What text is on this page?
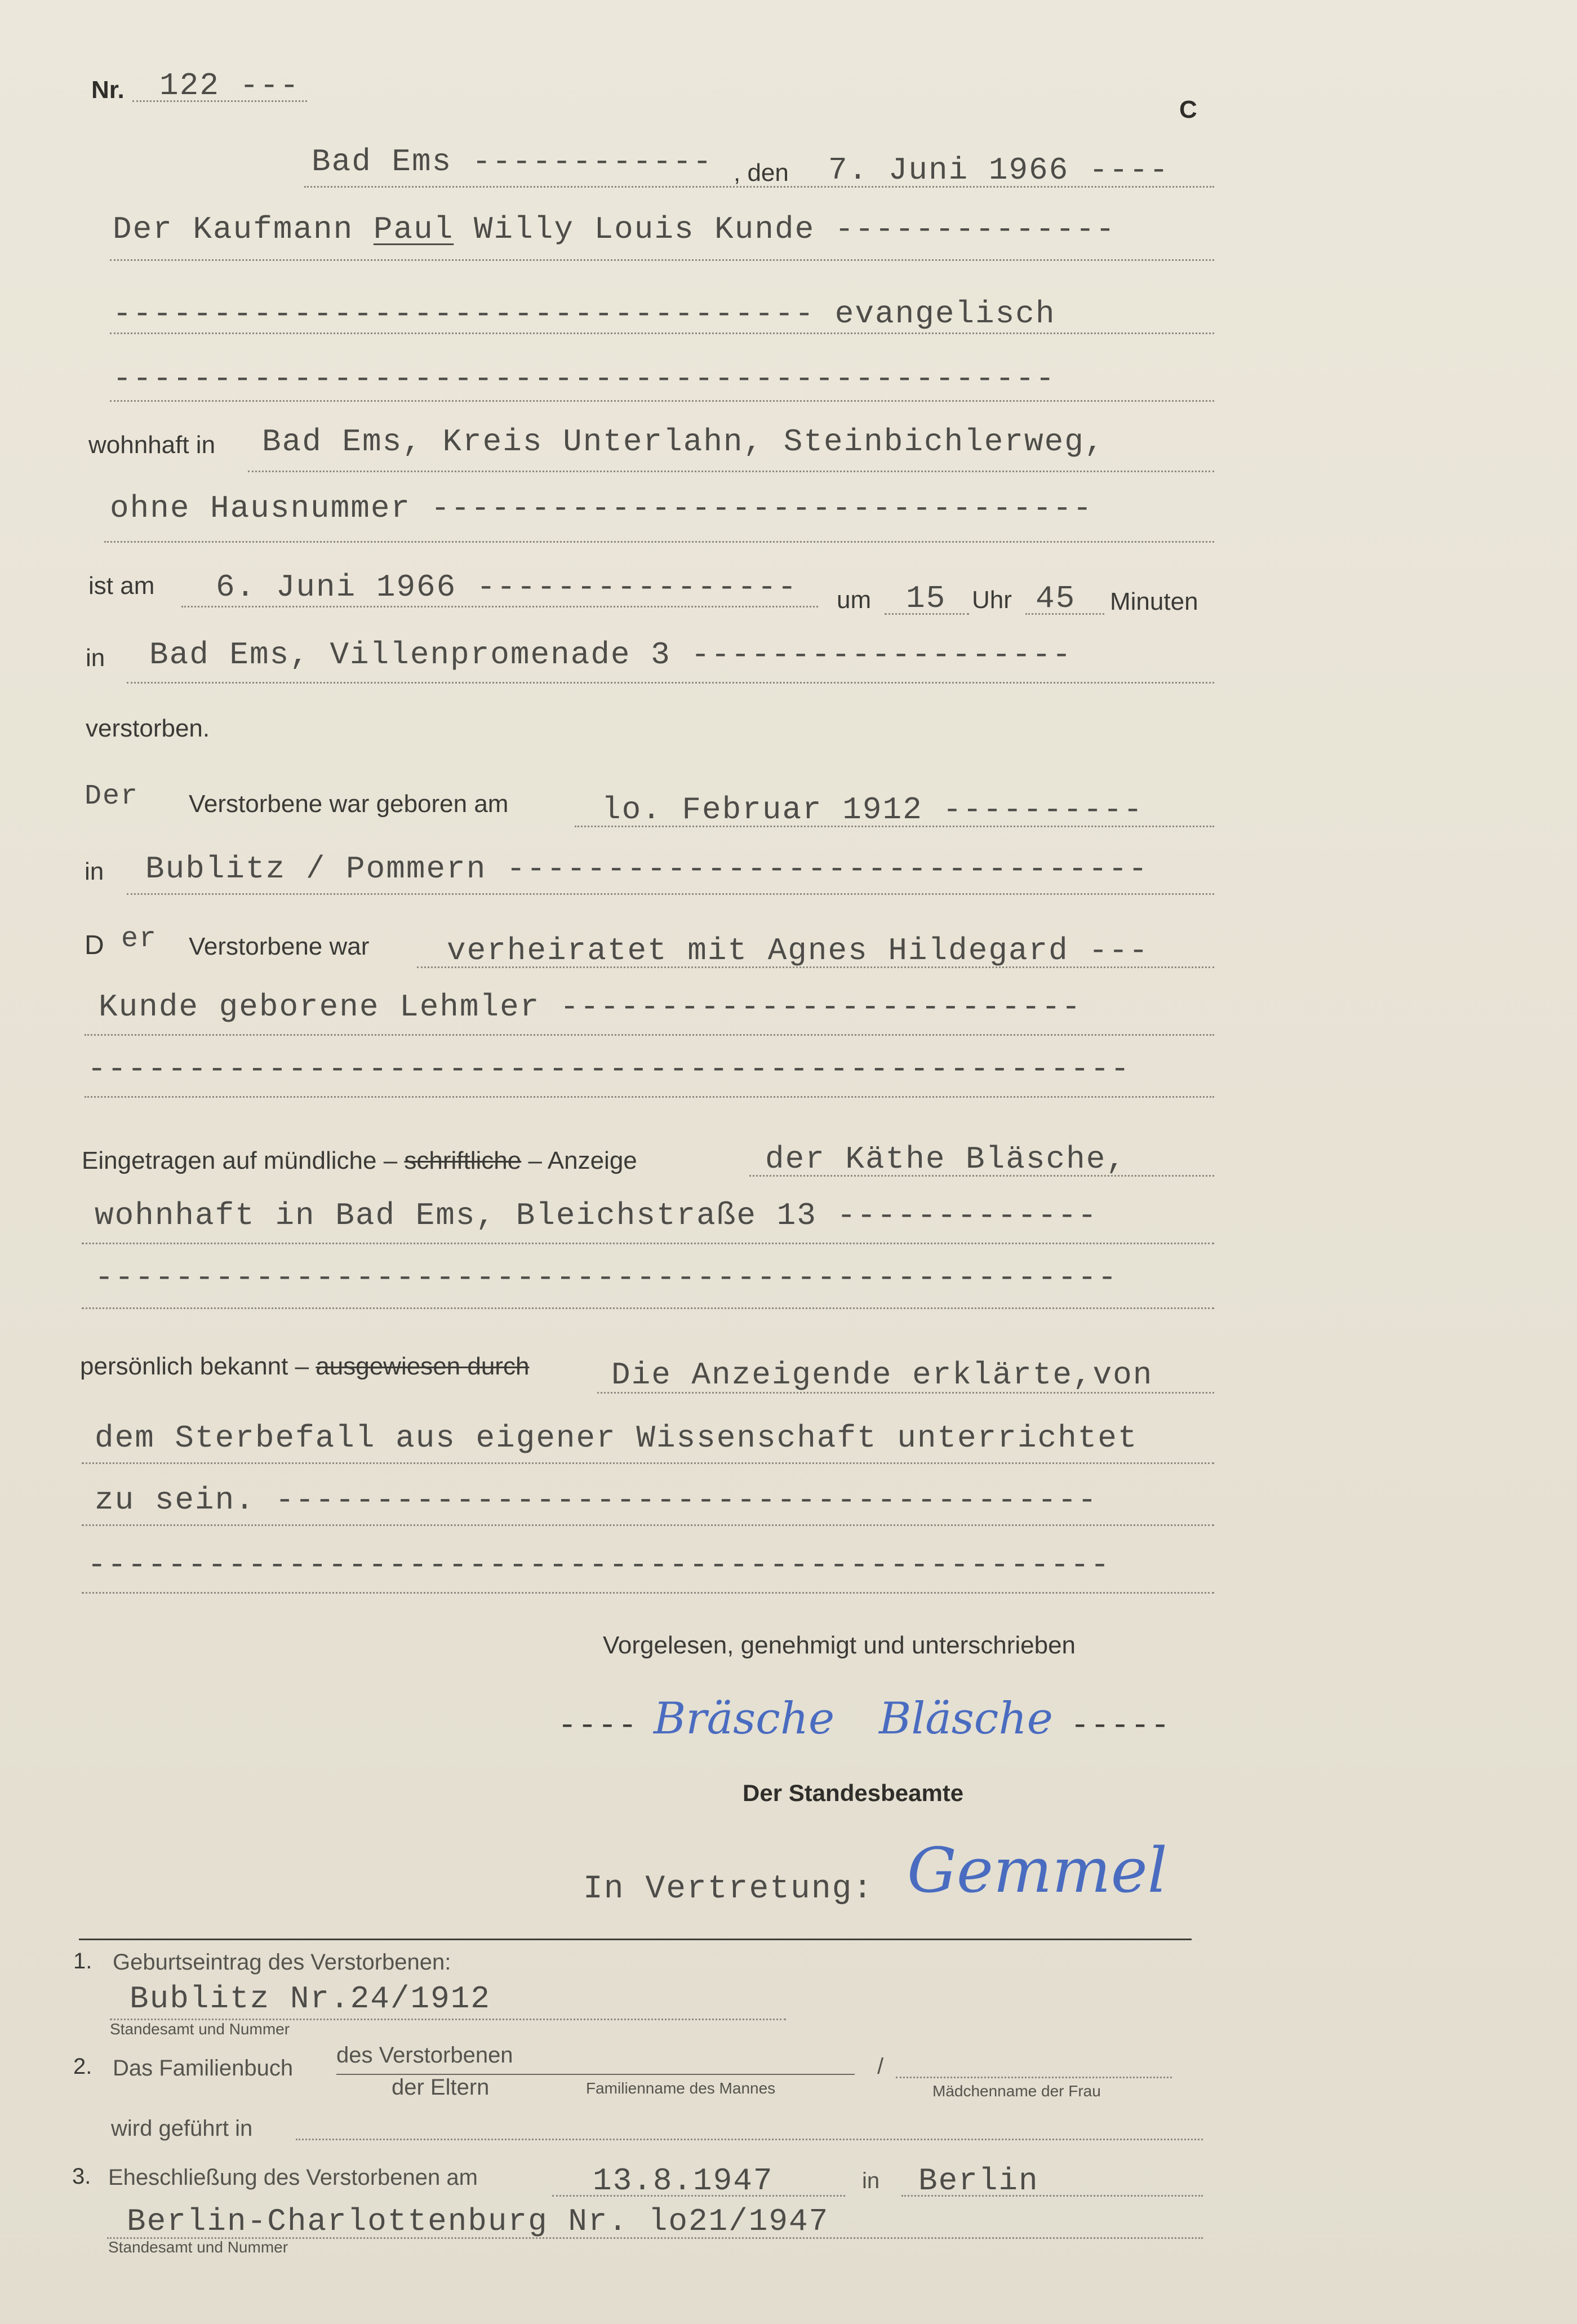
Nr. 122 ---
C
Bad Ems ------------ , den 7. Juni 1966 ----
Der Kaufmann Paul Willy Louis Kunde --------------
----------------------------------- evangelisch
-----------------------------------------------
wohnhaft in Bad Ems, Kreis Unterlahn, Steinbichlerweg,
ohne Hausnummer ---------------------------------
ist am 6. Juni 1966 ---------------- um 15 Uhr 45 Minuten
in Bad Ems, Villenpromenade 3 -------------------
verstorben.
Der Verstorbene war geboren am	lo. Februar 1912 ----------
in Bublitz / Pommern --------------------------------
D er Verstorbene war verheiratet mit Agnes Hildegard ---
Kunde geborene Lehmler --------------------------
----------------------------------------------------
Eingetragen auf mündliche – schriftliche – Anzeige	der Käthe Bläsche,
wohnhaft in Bad Ems, Bleichstraße 13 -------------
---------------------------------------------------
persönlich bekannt – ausgewiesen durch	Die Anzeigende erklärte,von
dem Sterbefall aus eigener Wissenschaft unterrichtet
zu sein. -----------------------------------------
---------------------------------------------------
Vorgelesen, genehmigt und unterschrieben
---- Bräsche Bläsche -----
Der Standesbeamte
In Vertretung: Gemmel
1. Geburtseintrag des Verstorbenen:
Bublitz Nr.24/1912
Standesamt und Nummer
2. Das Familienbuch
des Verstorbenen
der Eltern	Familienname des Mannes
/
Mädchenname der Frau
wird geführt in
3. Eheschließung des Verstorbenen am	13.8.1947	in Berlin
Berlin-Charlottenburg Nr. lo21/1947
Standesamt und Nummer
